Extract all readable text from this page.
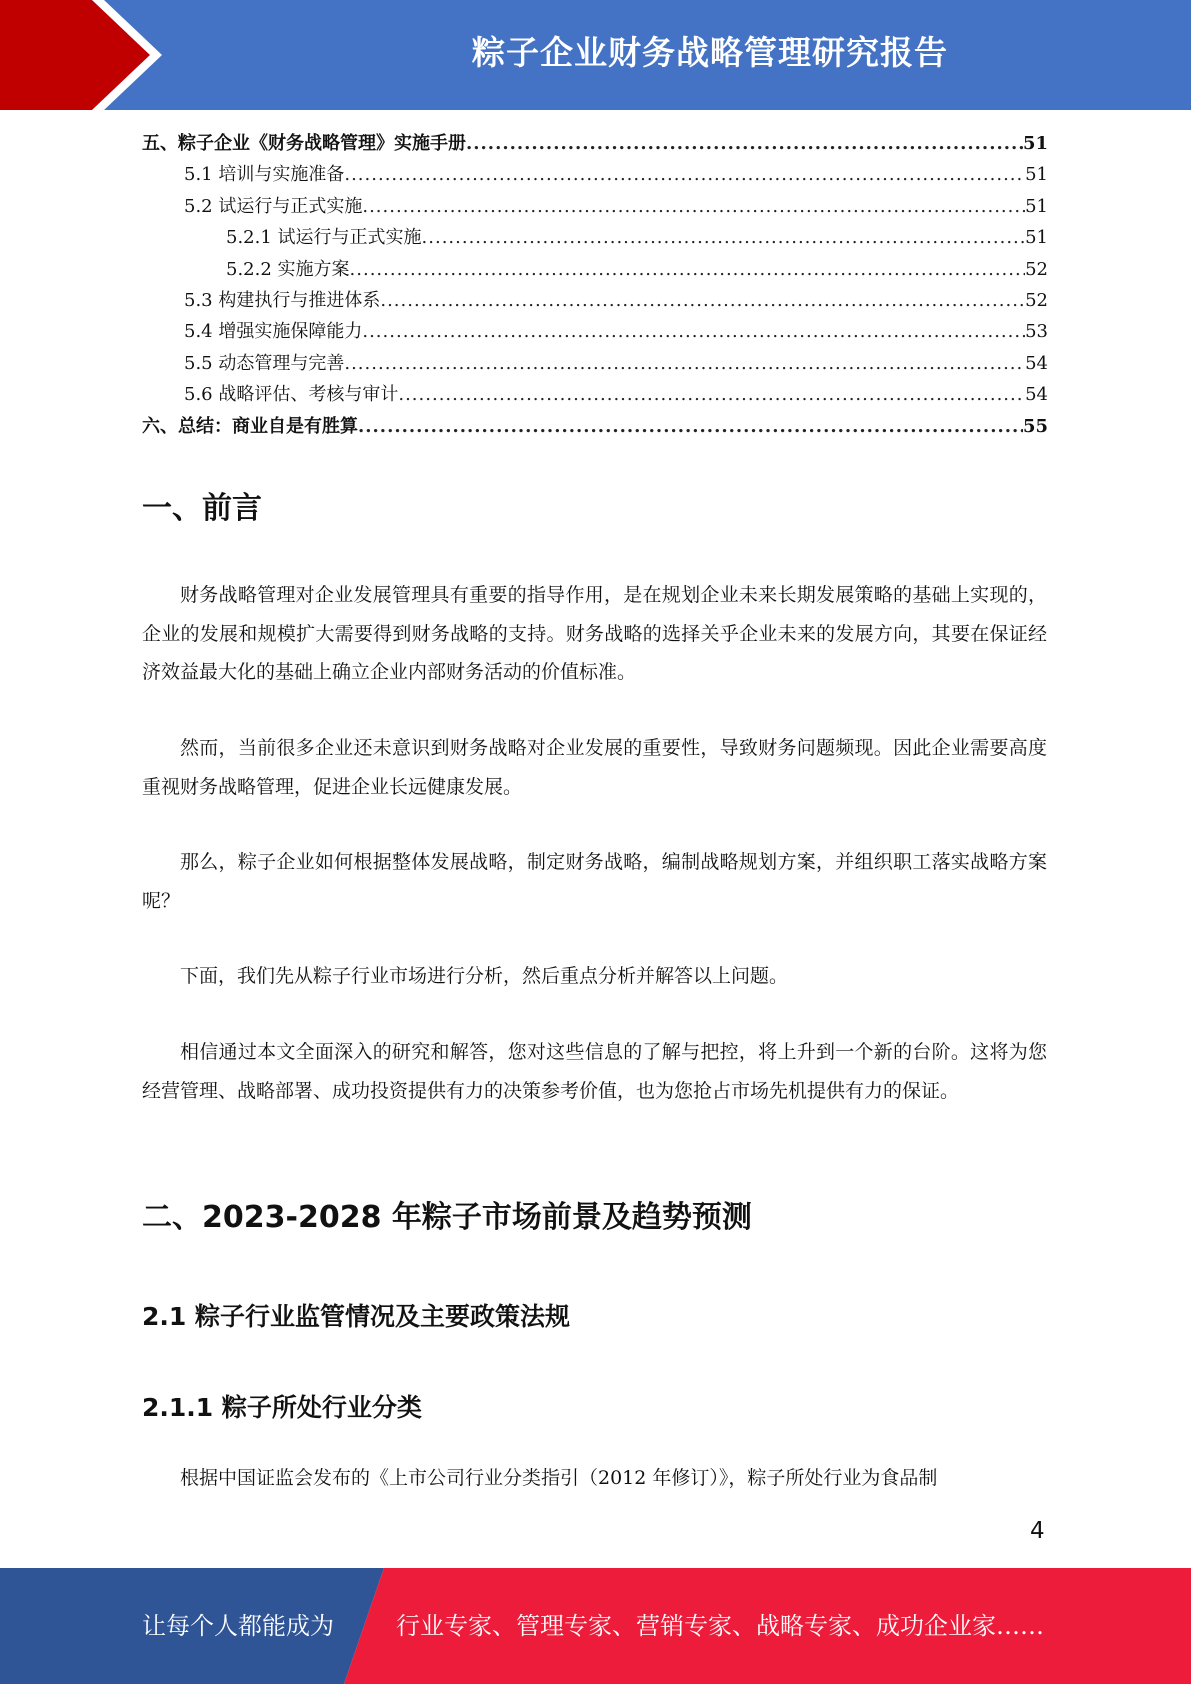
粽子企业财务战略管理研究报告
五、粽子企业《财务战略管理》实施手册 .....	51
5.1 培训与实施准备 .....	51
5.2 试运行与正式实施 .....	51
5.2.1 试运行与正式实施 .....	51
5.2.2 实施方案 .....	52
5.3 构建执行与推进体系 .....	52
5.4 增强实施保障能力 .....	53
5.5 动态管理与完善 .....	54
5.6 战略评估、考核与审计 .....	54
六、总结：商业自是有胜算 .....	55
一、前言

财务战略管理对企业发展管理具有重要的指导作用，是在规划企业未来长期发展策略的基础上实现的，企业的发展和规模扩大需要得到财务战略的支持。财务战略的选择关乎企业未来的发展方向，其要在保证经济效益最大化的基础上确立企业内部财务活动的价值标准。

然而，当前很多企业还未意识到财务战略对企业发展的重要性，导致财务问题频现。因此企业需要高度重视财务战略管理，促进企业长远健康发展。

那么，粽子企业如何根据整体发展战略，制定财务战略，编制战略规划方案，并组织职工落实战略方案呢？

下面，我们先从粽子行业市场进行分析，然后重点分析并解答以上问题。

相信通过本文全面深入的研究和解答，您对这些信息的了解与把控，将上升到一个新的台阶。这将为您经营管理、战略部署、成功投资提供有力的决策参考价值，也为您抢占市场先机提供有力的保证。

二、2023-2028 年粽子市场前景及趋势预测
2.1 粽子行业监管情况及主要政策法规
2.1.1 粽子所处行业分类

根据中国证监会发布的《上市公司行业分类指引（2012 年修订）》，粽子所处行业为食品制

4
让每个人都能成为	行业专家、管理专家、营销专家、战略专家、成功企业家……
